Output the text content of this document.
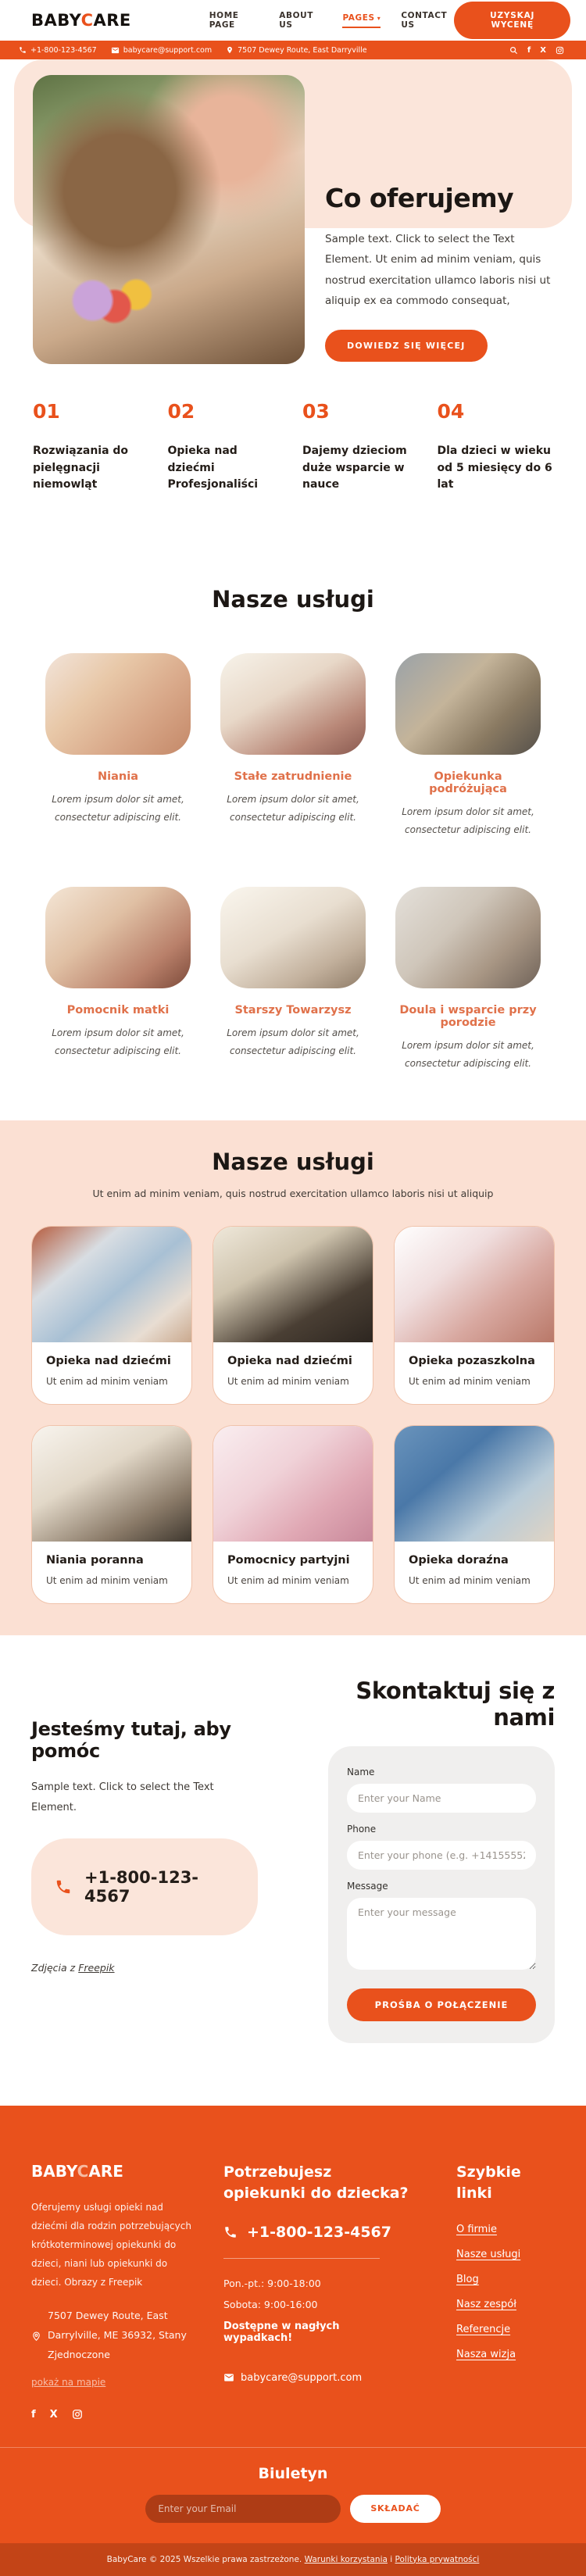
BABYCARE	HOME PAGE
ABOUT US
PAGES ▾ CONTACT US
UZYSKAJ WYCENĘ
+1-800-123-4567	babycare@support.com	7507 Dewey Route, East Darryville	f X
Co oferujemy

Sample text. Click to select the Text Element. Ut enim ad minim veniam, quis nostrud exercitation ullamco laboris nisi ut aliquip ex ea commodo consequat,

DOWIEDZ SIĘ WIĘCEJ
01
Rozwiązania do pielęgnacji niemowląt
02
Opieka nad dziećmi Profesjonaliści
03
Dajemy dzieciom duże wsparcie w nauce
04
Dla dzieci w wieku od 5 miesięcy do 6 lat
Nasze usługi
Niania

Lorem ipsum dolor sit amet, consectetur adipiscing elit.

Stałe zatrudnienie

Lorem ipsum dolor sit amet, consectetur adipiscing elit.

Opiekunka podróżująca

Lorem ipsum dolor sit amet, consectetur adipiscing elit.

Pomocnik matki

Lorem ipsum dolor sit amet, consectetur adipiscing elit.

Starszy Towarzysz

Lorem ipsum dolor sit amet, consectetur adipiscing elit.

Doula i wsparcie przy porodzie

Lorem ipsum dolor sit amet, consectetur adipiscing elit.

Nasze usługi

Ut enim ad minim veniam, quis nostrud exercitation ullamco laboris nisi ut aliquip

Opieka nad dziećmi

Ut enim ad minim veniam

Opieka nad dziećmi

Ut enim ad minim veniam

Opieka pozaszkolna

Ut enim ad minim veniam

Niania poranna

Ut enim ad minim veniam

Pomocnicy partyjni

Ut enim ad minim veniam

Opieka doraźna

Ut enim ad minim veniam

Jesteśmy tutaj, aby pomóc

Sample text. Click to select the Text Element.

+1-800-123-4567

Zdjęcia z Freepik

Skontaktuj się z nami
Name
Enter your Name
Phone
Enter your phone (e.g. +14155552675)
Message
Enter your message PROŚBA O POŁĄCZENIE
BABYCARE

Oferujemy usługi opieki nad dziećmi dla rodzin potrzebujących krótkoterminowej opiekunki do dzieci, niani lub opiekunki do dzieci. Obrazy z Freepik

7507 Dewey Route, East Darrylville, ME 36932, Stany Zjednoczone
pokaż na mapie
f X
Potrzebujesz opiekunki do dziecka?
+1-800-123-4567
Pon.-pt.: 9:00-18:00
Sobota: 9:00-16:00
Dostępne w nagłych wypadkach!
babycare@support.com
Szybkie linki
O firmie
Nasze usługi
Blog
Nasz zespół
Referencje
Nasza wizja
Biuletyn
Enter your Email
SKŁADAĆ
BabyCare © 2025 Wszelkie prawa zastrzeżone. Warunki korzystania i Polityka prywatności
